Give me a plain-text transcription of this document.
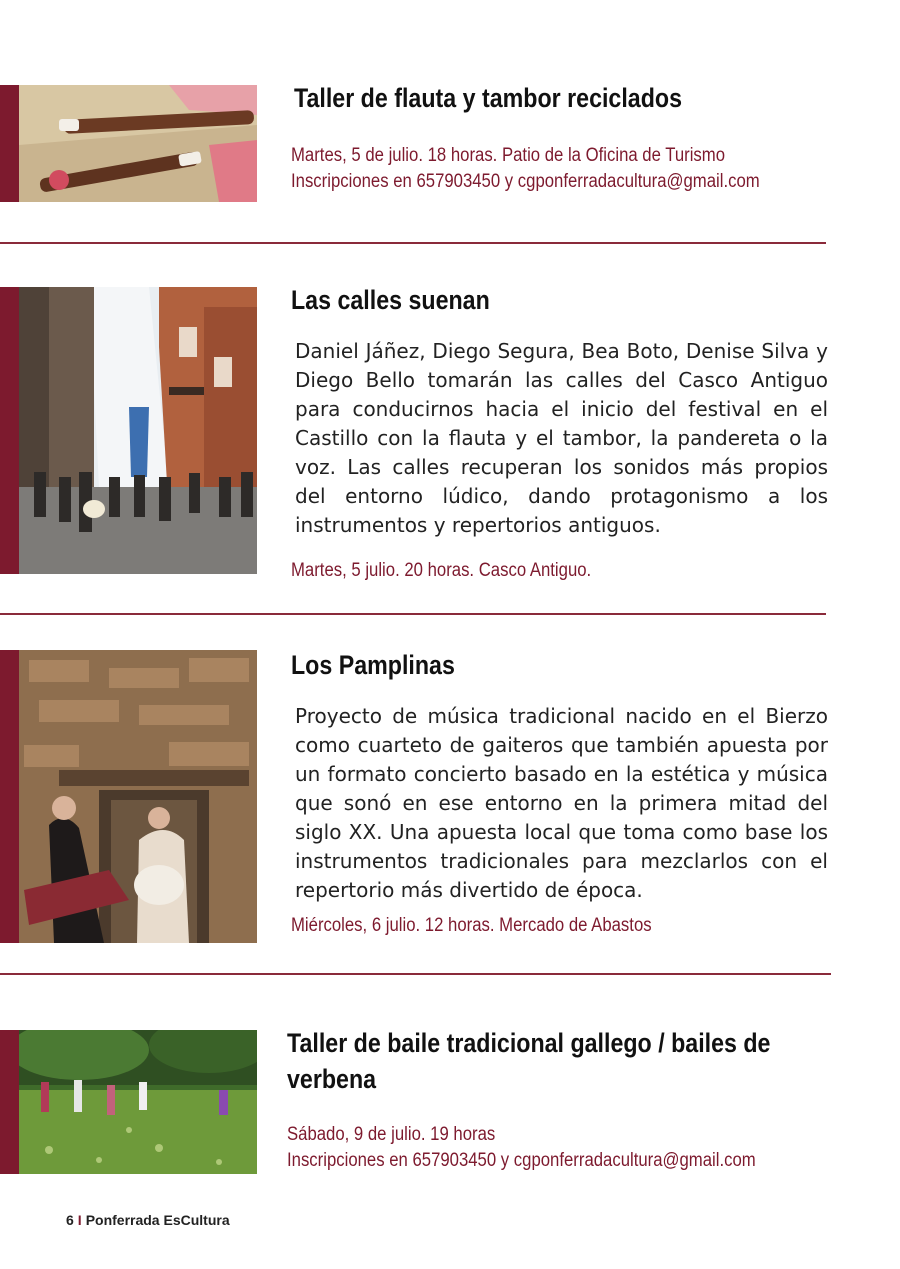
Taller de flauta y tambor reciclados

Martes, 5 de julio. 18 horas. Patio de la Oficina de Turismo

Inscripciones en 657903450 y cgponferradacultura@gmail.com

Las calles suenan

Daniel Jáñez, Diego Segura, Bea Boto, Denise Silva y Diego Bello tomarán las calles del Casco Antiguo para conducirnos hacia el inicio del festival en el Castillo con la flauta y el tambor, la pandereta o la voz. Las calles recuperan los sonidos más propios del entorno lúdico, dando protagonismo a los instrumentos y repertorios antiguos.

Martes, 5 julio. 20 horas. Casco Antiguo.

Los Pamplinas

Proyecto de música tradicional nacido en el Bierzo como cuarteto de gaiteros que también apuesta por un formato concierto basado en la estética y música que sonó en ese entorno en la primera mitad del siglo XX. Una apuesta local que toma como base los instrumentos tradicionales para mezclarlos con el repertorio más divertido de época.

Miércoles, 6 julio. 12 horas. Mercado de Abastos

Taller de baile tradicional gallego / bailes de verbena

Sábado, 9 de julio. 19 horas

Inscripciones en 657903450 y cgponferradacultura@gmail.com

6 I Ponferrada EsCultura
